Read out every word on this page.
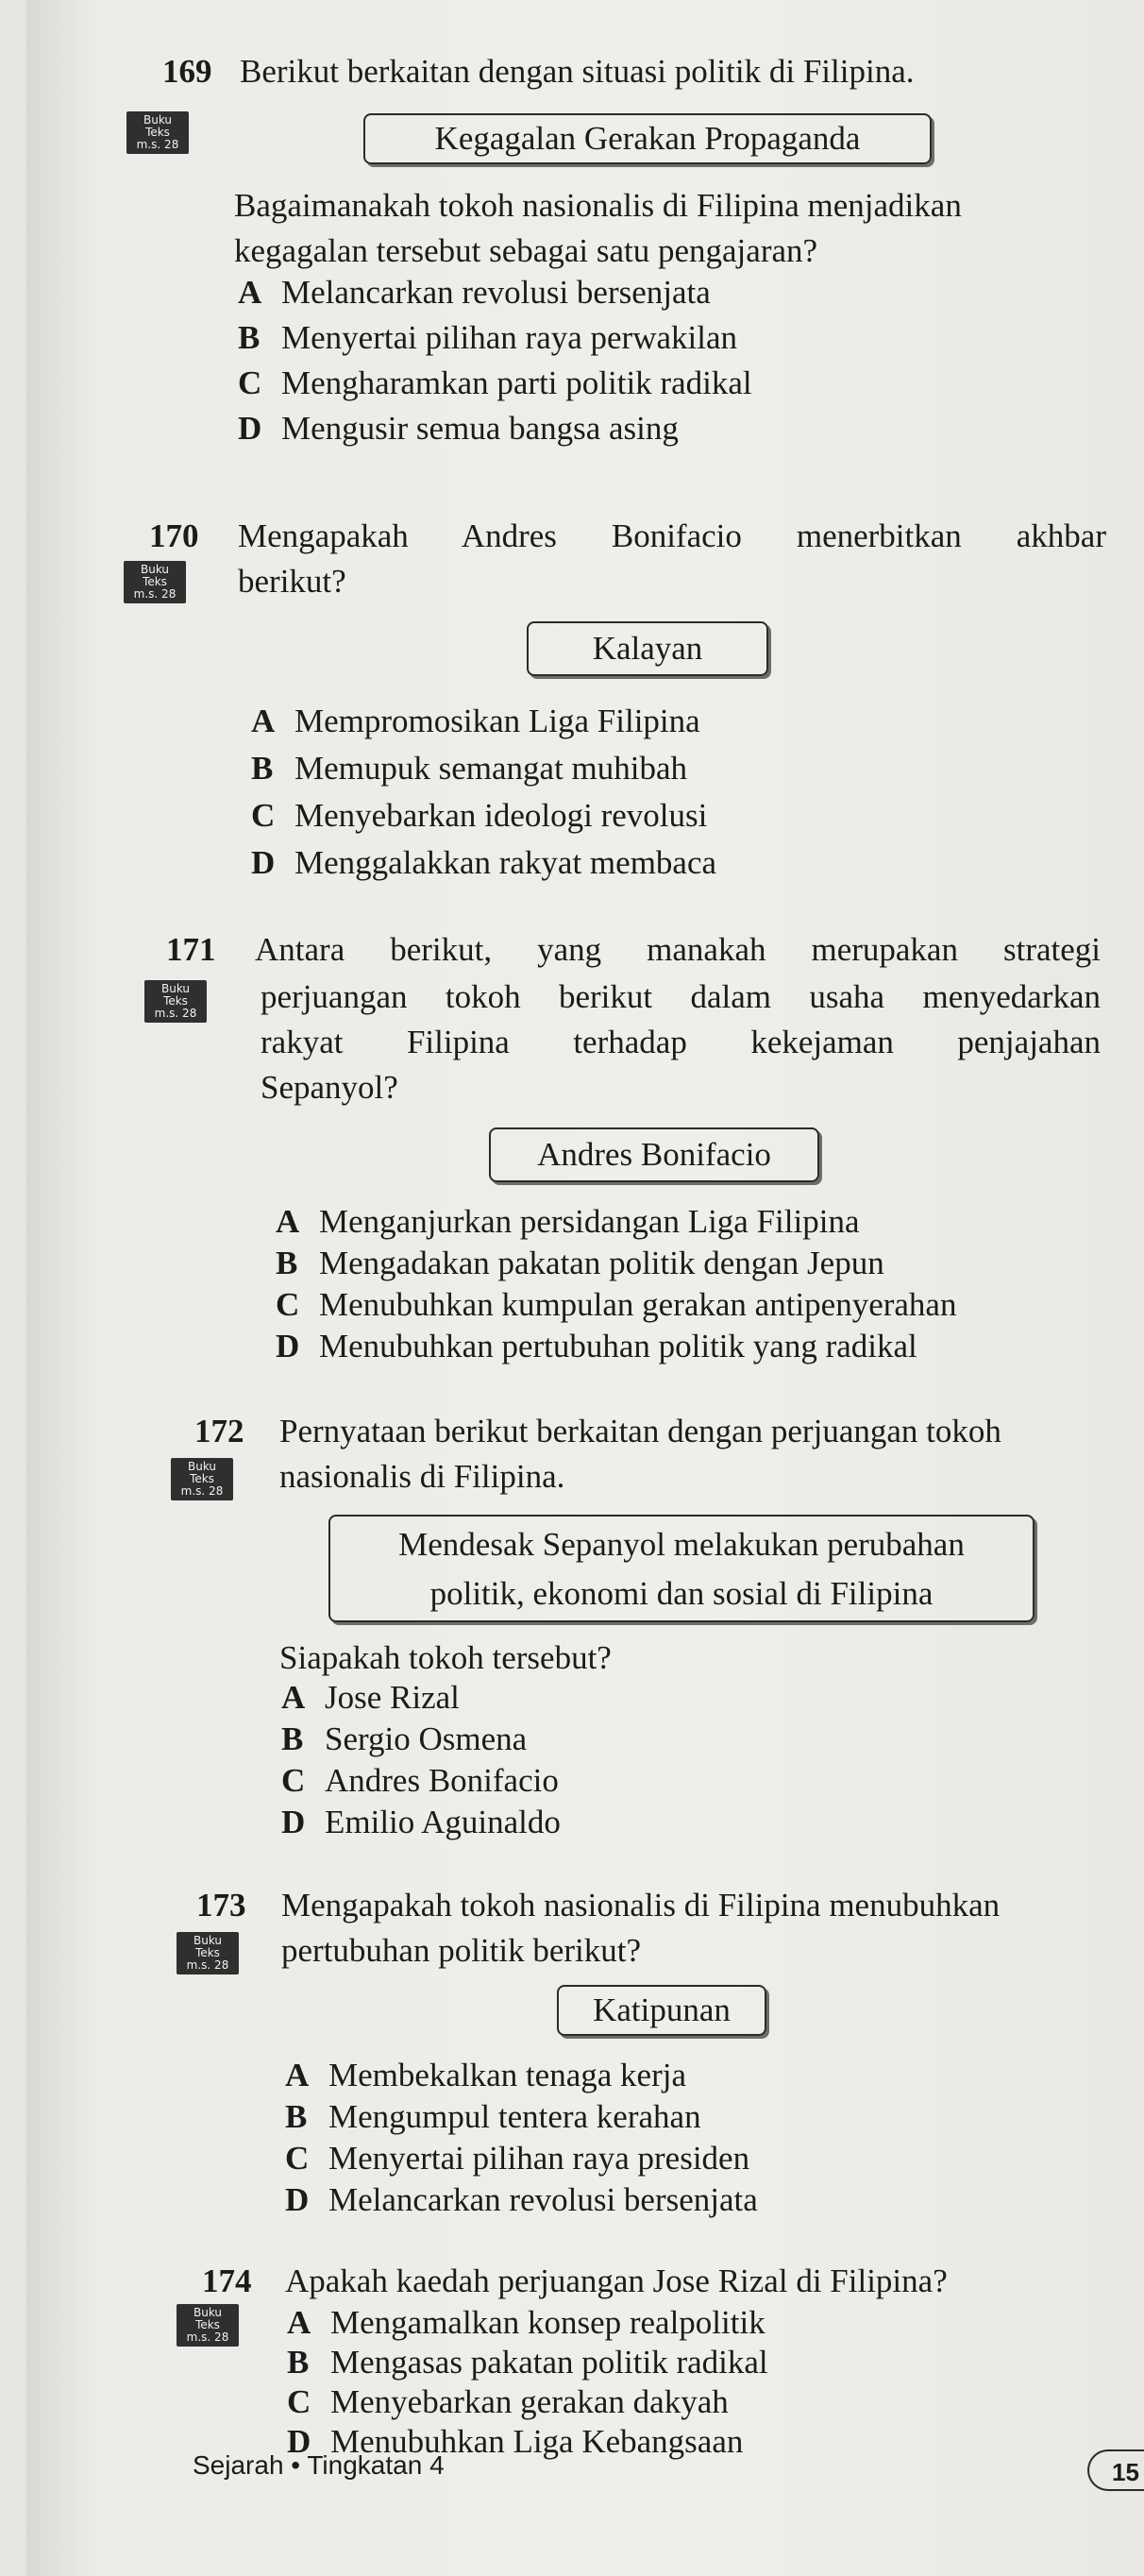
169 Berikut berkaitan dengan situasi politik di Filipina.
Buku
Teks
m.s. 28	Kegagalan Gerakan Propaganda
Bagaimanakah tokoh nasionalis di Filipina menjadikan
kegagalan tersebut sebagai satu pengajaran?
A Melancarkan revolusi bersenjata
B Menyertai pilihan raya perwakilan
C Mengharamkan parti politik radikal
D Mengusir semua bangsa asing
170 Mengapakah Andres Bonifacio menerbitkan akhbar
Buku
Teks
m.s. 28	berikut?
Kalayan
A Mempromosikan Liga Filipina
B Memupuk semangat muhibah
C Menyebarkan ideologi revolusi
D Menggalakkan rakyat membaca
171 Antara berikut, yang manakah merupakan strategi
Buku
Teks
m.s. 28	perjuangan tokoh berikut dalam usaha menyedarkan
rakyat Filipina terhadap kekejaman penjajahan
Sepanyol?
Andres Bonifacio
A Menganjurkan persidangan Liga Filipina
B Mengadakan pakatan politik dengan Jepun
C Menubuhkan kumpulan gerakan antipenyerahan
D Menubuhkan pertubuhan politik yang radikal
172 Pernyataan berikut berkaitan dengan perjuangan tokoh
Buku
Teks
m.s. 28	nasionalis di Filipina.
Mendesak Sepanyol melakukan perubahan
politik, ekonomi dan sosial di Filipina
Siapakah tokoh tersebut?
A Jose Rizal
B Sergio Osmena
C Andres Bonifacio
D Emilio Aguinaldo
173 Mengapakah tokoh nasionalis di Filipina menubuhkan
Buku
Teks
m.s. 28	pertubuhan politik berikut?
Katipunan
A Membekalkan tenaga kerja
B Mengumpul tentera kerahan
C Menyertai pilihan raya presiden
D Melancarkan revolusi bersenjata
174 Apakah kaedah perjuangan Jose Rizal di Filipina?
Buku
Teks
m.s. 28	A Mengamalkan konsep realpolitik
B Mengasas pakatan politik radikal
C Menyebarkan gerakan dakyah
D Menubuhkan Liga Kebangsaan
Sejarah • Tingkatan 4	15
